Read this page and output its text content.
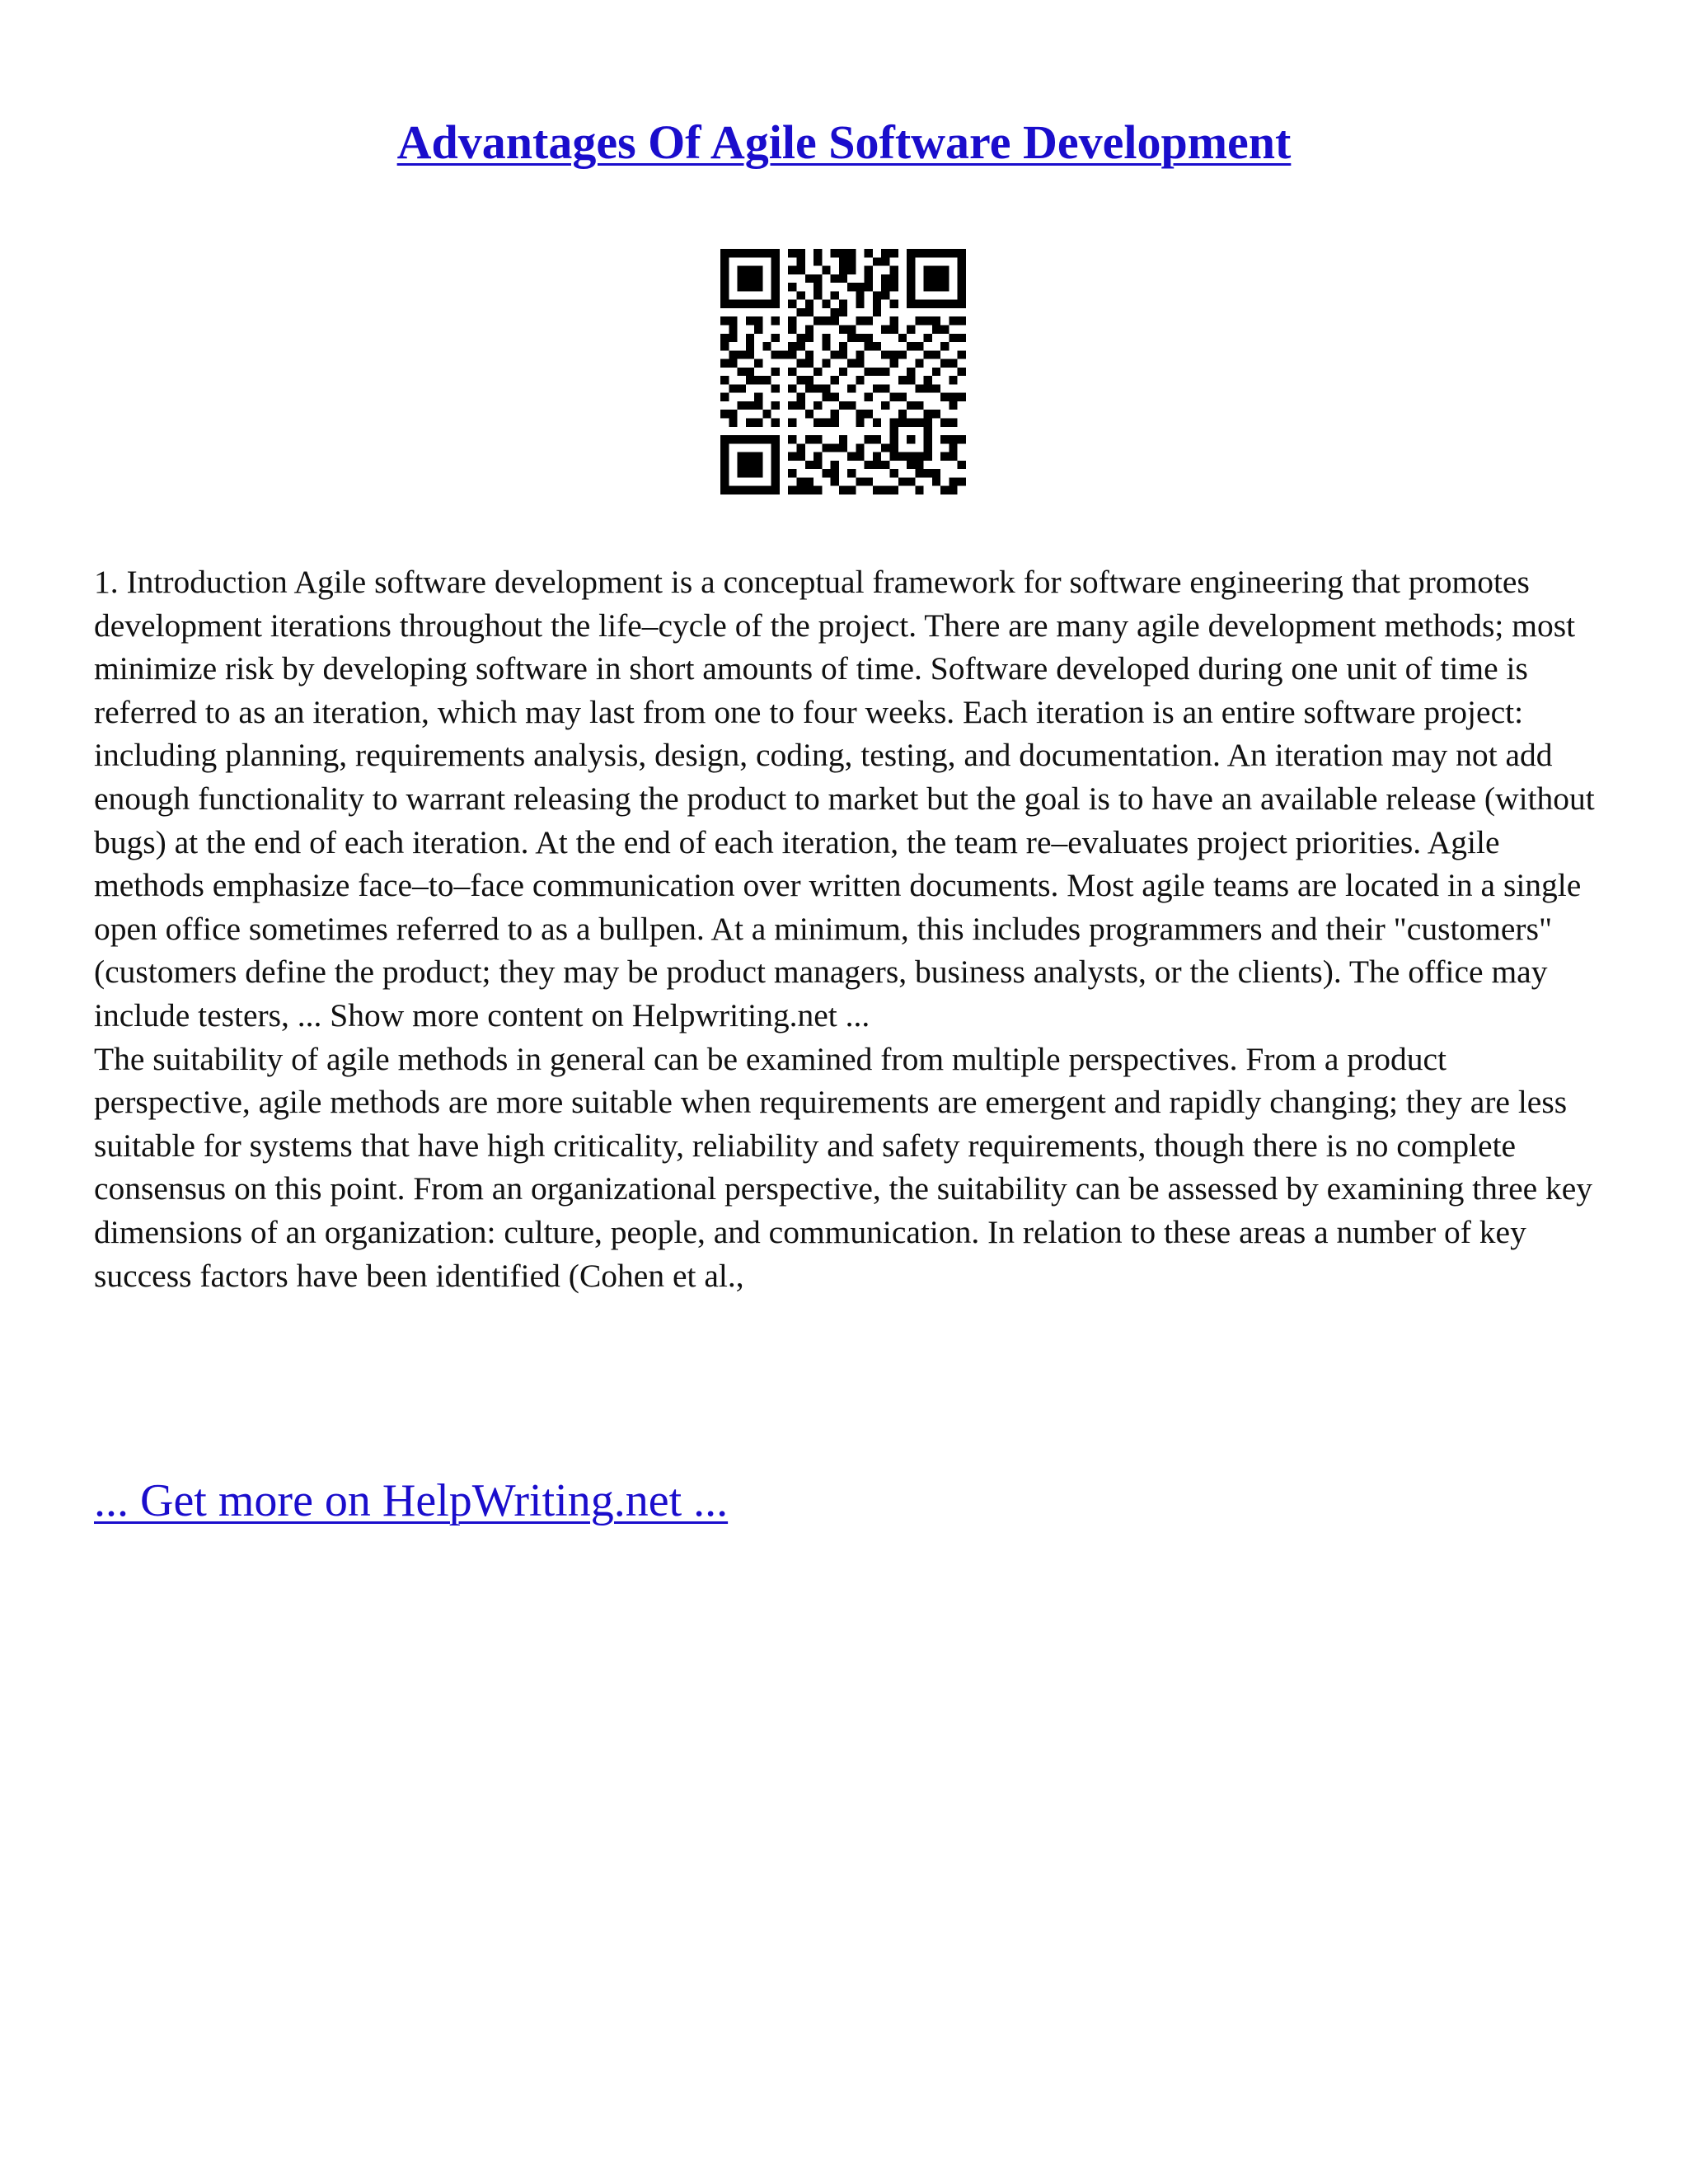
Advantages Of Agile Software Development

1. Introduction Agile software development is a conceptual framework for software engineering that promotes development iterations throughout the life–cycle of the project. There are many agile development methods; most minimize risk by developing software in short amounts of time. Software developed during one unit of time is referred to as an iteration, which may last from one to four weeks. Each iteration is an entire software project: including planning, requirements analysis, design, coding, testing, and documentation. An iteration may not add enough functionality to warrant releasing the product to market but the goal is to have an available release (without bugs) at the end of each iteration. At the end of each iteration, the team re–evaluates project priorities. Agile methods emphasize face–to–face communication over written documents. Most agile teams are located in a single open office sometimes referred to as a bullpen. At a minimum, this includes programmers and their "customers" (customers define the product; they may be product managers, business analysts, or the clients). The office may include testers, ... Show more content on Helpwriting.net ...

The suitability of agile methods in general can be examined from multiple perspectives. From a product perspective, agile methods are more suitable when requirements are emergent and rapidly changing; they are less suitable for systems that have high criticality, reliability and safety requirements, though there is no complete consensus on this point. From an organizational perspective, the suitability can be assessed by examining three key dimensions of an organization: culture, people, and communication. In relation to these areas a number of key success factors have been identified (Cohen et al.,

... Get more on HelpWriting.net ...
